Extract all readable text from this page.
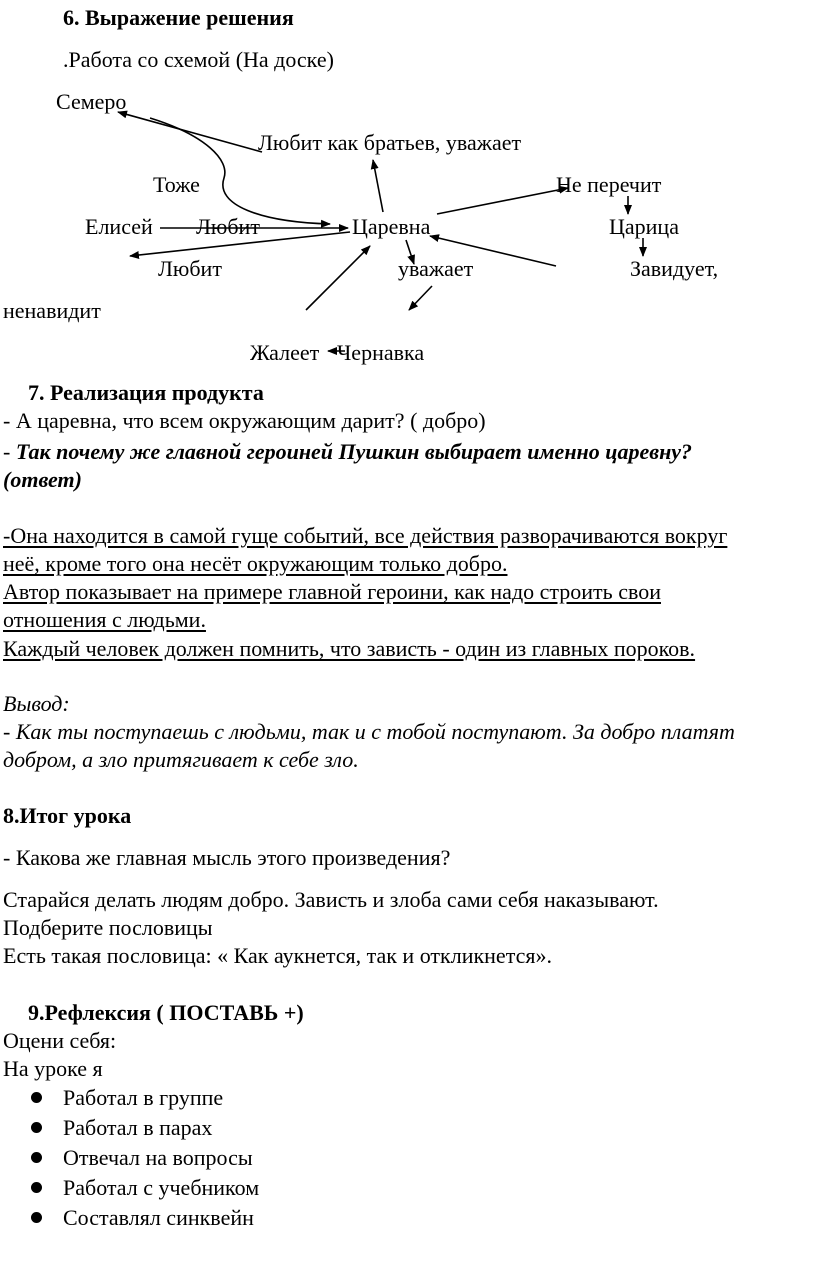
6. Выражение решения
.Работа со схемой (На доске)
Семеро
Любит как братьев, уважает
Тоже	Не перечит
Елисей Любит	Царевна	Царица
Любит	уважает	Завидует,
ненавидит
Жалеет Чернавка
7. Реализация продукта
- А царевна, что всем окружающим дарит? ( добро)
- Так почему же главной героиней Пушкин выбирает именно царевну?
(ответ)
-Она находится в самой гуще событий, все действия разворачиваются вокруг
неё, кроме того она несёт окружающим только добро.
Автор показывает на примере главной героини, как надо строить свои
отношения с людьми.
Каждый человек должен помнить, что зависть - один из главных пороков.
Вывод:
- Как ты поступаешь с людьми, так и с тобой поступают. За добро платят
добром, а зло притягивает к себе зло.
8.Итог урока
- Какова же главная мысль этого произведения?
Старайся делать людям добро. Зависть и злоба сами себя наказывают.
Подберите пословицы
Есть такая пословица: « Как аукнется, так и откликнется».
9.Рефлексия ( ПОСТАВЬ +)
Оцени себя:
На уроке я
Работал в группе
Работал в парах
Отвечал на вопросы
Работал с учебником
Составлял синквейн
